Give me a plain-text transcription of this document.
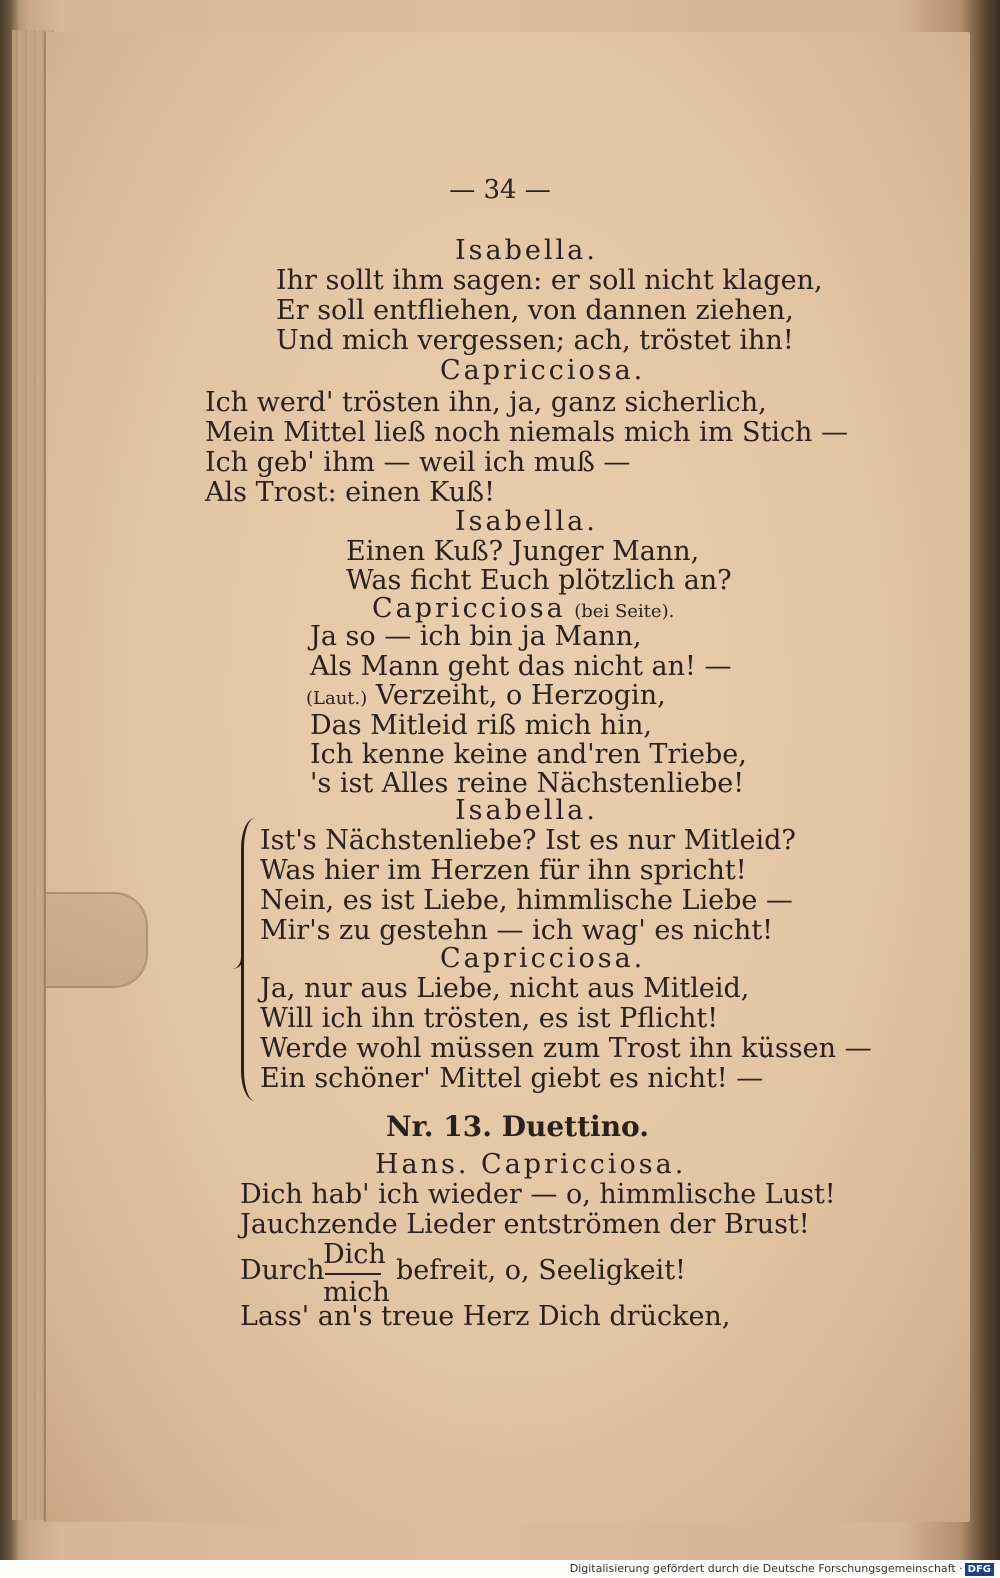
— 34 —
Isabella.
Ihr sollt ihm sagen: er soll nicht klagen,
Er soll entfliehen, von dannen ziehen,
Und mich vergessen; ach, tröstet ihn!
Capricciosa.
Ich werd' trösten ihn, ja, ganz sicherlich,
Mein Mittel ließ noch niemals mich im Stich —
Ich geb' ihm — weil ich muß —
Als Trost: einen Kuß!
Isabella.
Einen Kuß? Junger Mann,
Was ficht Euch plötzlich an?
Capricciosa (bei Seite).
Ja so — ich bin ja Mann,
Als Mann geht das nicht an! —
(Laut.) Verzeiht, o Herzogin,
Das Mitleid riß mich hin,
Ich kenne keine and'ren Triebe,
's ist Alles reine Nächstenliebe!
Isabella.
Ist's Nächstenliebe? Ist es nur Mitleid?
Was hier im Herzen für ihn spricht!
Nein, es ist Liebe, himmlische Liebe —
Mir's zu gestehn — ich wag' es nicht!
Capricciosa.
Ja, nur aus Liebe, nicht aus Mitleid,
Will ich ihn trösten, es ist Pflicht!
Werde wohl müssen zum Trost ihn küssen —
Ein schöner' Mittel giebt es nicht! —
Nr. 13. Duettino.
Hans. Capricciosa.
Dich hab' ich wieder — o, himmlische Lust!
Jauchzende Lieder entströmen der Brust!
Durch
Dich
mich
befreit, o, Seeligkeit!
Lass' an's treue Herz Dich drücken,
Digitalisierung gefördert durch die Deutsche Forschungsgemeinschaft · DFG
